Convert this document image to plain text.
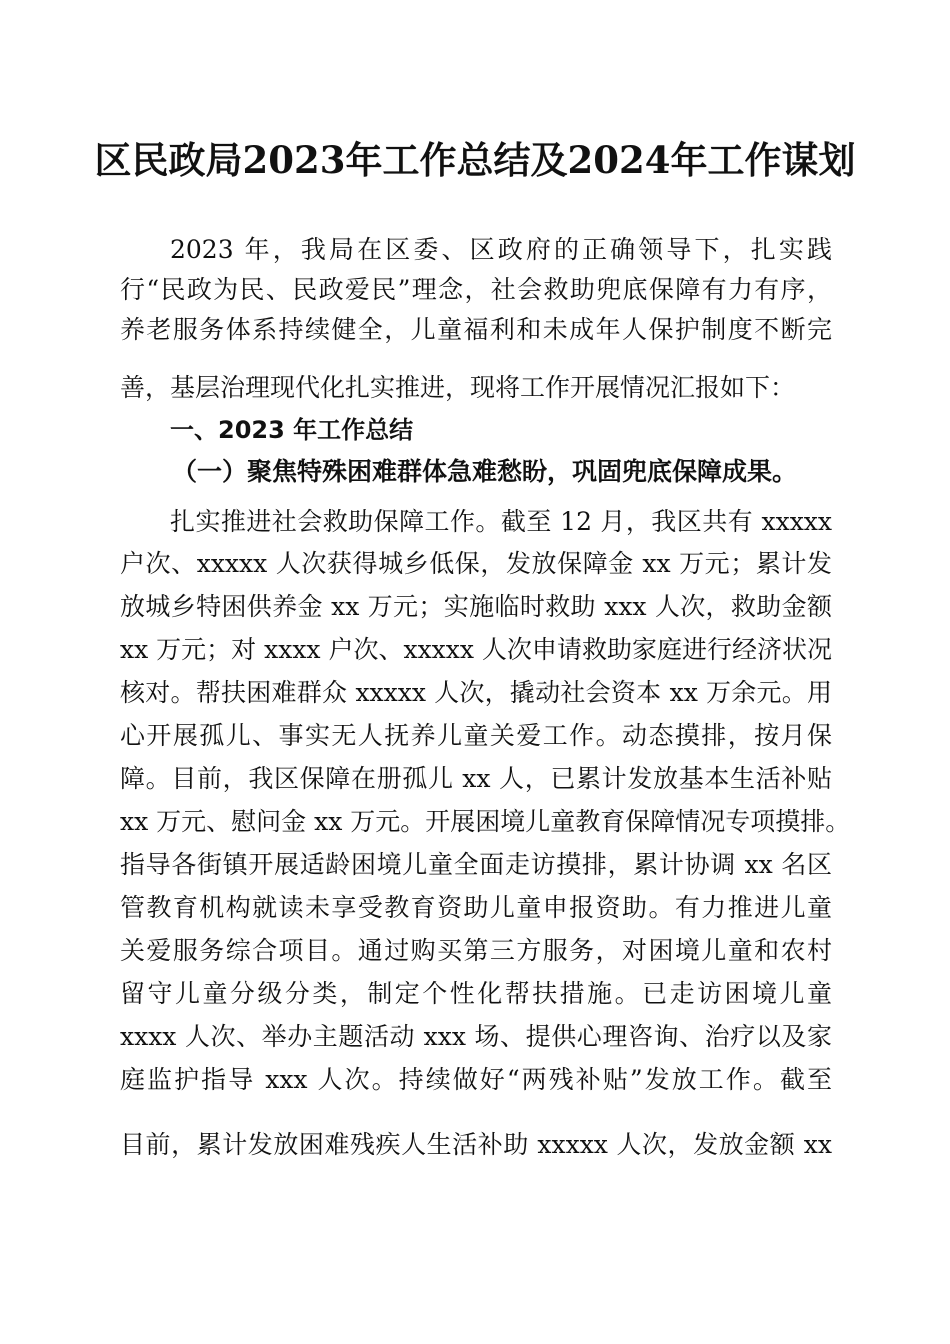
区民政局2023年工作总结及2024年工作谋划
2023 年，我局在区委、区政府的正确领导下，扎实践
行“民政为民、民政爱民”理念，社会救助兜底保障有力有序，
养老服务体系持续健全，儿童福利和未成年人保护制度不断完
善，基层治理现代化扎实推进，现将工作开展情况汇报如下：
一、2023 年工作总结
（一）聚焦特殊困难群体急难愁盼，巩固兜底保障成果。
扎实推进社会救助保障工作。截至 12 月，我区共有 xxxxx
户次、xxxxx 人次获得城乡低保，发放保障金 xx 万元；累计发
放城乡特困供养金 xx 万元；实施临时救助 xxx 人次，救助金额
xx 万元；对 xxxx 户次、xxxxx 人次申请救助家庭进行经济状况
核对。帮扶困难群众 xxxxx 人次，撬动社会资本 xx 万余元。用
心开展孤儿、事实无人抚养儿童关爱工作。动态摸排，按月保
障。目前，我区保障在册孤儿 xx 人，已累计发放基本生活补贴
xx 万元、慰问金 xx 万元。开展困境儿童教育保障情况专项摸排。
指导各街镇开展适龄困境儿童全面走访摸排，累计协调 xx 名区
管教育机构就读未享受教育资助儿童申报资助。有力推进儿童
关爱服务综合项目。通过购买第三方服务，对困境儿童和农村
留守儿童分级分类，制定个性化帮扶措施。已走访困境儿童
xxxx 人次、举办主题活动 xxx 场、提供心理咨询、治疗以及家
庭监护指导 xxx 人次。持续做好“两残补贴”发放工作。截至
目前，累计发放困难残疾人生活补助 xxxxx 人次，发放金额 xx
